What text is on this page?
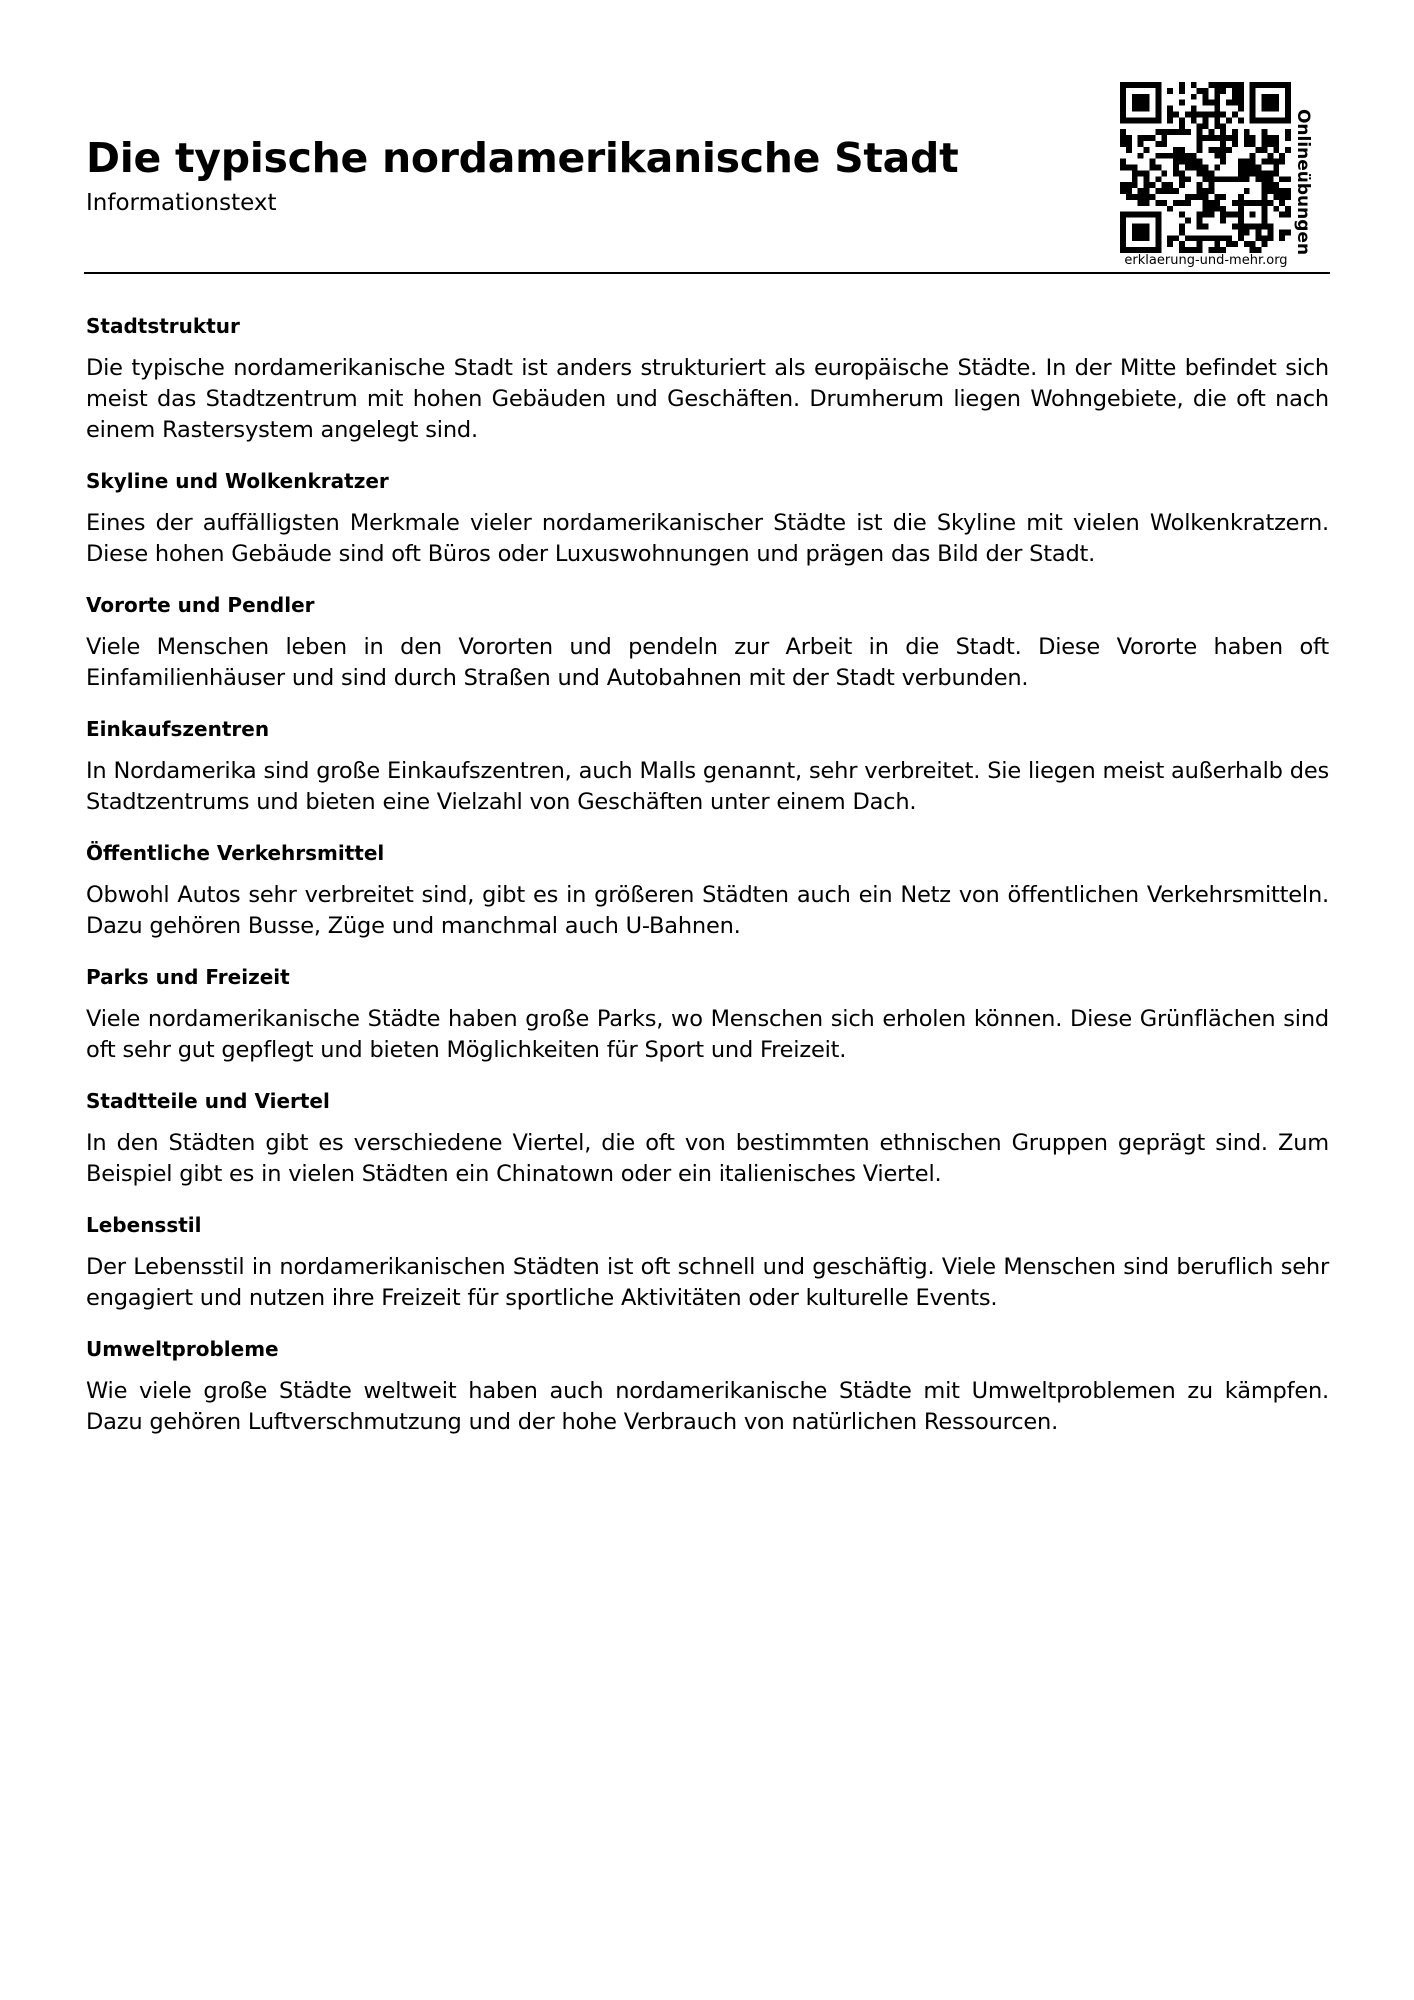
Die typische nordamerikanische Stadt
Informationstext	Onlineübungen
erklaerung-und-mehr.org
Stadtstruktur

Die typische nordamerikanische Stadt ist anders strukturiert als europäische Städte. In der Mitte befindet sich meist das Stadtzentrum mit hohen Gebäuden und Geschäften. Drumherum liegen Wohngebiete, die oft nach einem Rastersystem angelegt sind.

Skyline und Wolkenkratzer

Eines der auffälligsten Merkmale vieler nordamerikanischer Städte ist die Skyline mit vielen Wolkenkratzern. Diese hohen Gebäude sind oft Büros oder Luxuswohnungen und prägen das Bild der Stadt.

Vororte und Pendler

Viele Menschen leben in den Vororten und pendeln zur Arbeit in die Stadt. Diese Vororte haben oft Einfamilienhäuser und sind durch Straßen und Autobahnen mit der Stadt verbunden.

Einkaufszentren

In Nordamerika sind große Einkaufszentren, auch Malls genannt, sehr verbreitet. Sie liegen meist außerhalb des Stadtzentrums und bieten eine Vielzahl von Geschäften unter einem Dach.

Öffentliche Verkehrsmittel

Obwohl Autos sehr verbreitet sind, gibt es in größeren Städten auch ein Netz von öffentlichen Verkehrsmitteln. Dazu gehören Busse, Züge und manchmal auch U-Bahnen.

Parks und Freizeit

Viele nordamerikanische Städte haben große Parks, wo Menschen sich erholen können. Diese Grünflächen sind oft sehr gut gepflegt und bieten Möglichkeiten für Sport und Freizeit.

Stadtteile und Viertel

In den Städten gibt es verschiedene Viertel, die oft von bestimmten ethnischen Gruppen geprägt sind. Zum Beispiel gibt es in vielen Städten ein Chinatown oder ein italienisches Viertel.

Lebensstil

Der Lebensstil in nordamerikanischen Städten ist oft schnell und geschäftig. Viele Menschen sind beruflich sehr engagiert und nutzen ihre Freizeit für sportliche Aktivitäten oder kulturelle Events.

Umweltprobleme

Wie viele große Städte weltweit haben auch nordamerikanische Städte mit Umweltproblemen zu kämpfen. Dazu gehören Luftverschmutzung und der hohe Verbrauch von natürlichen Ressourcen.
